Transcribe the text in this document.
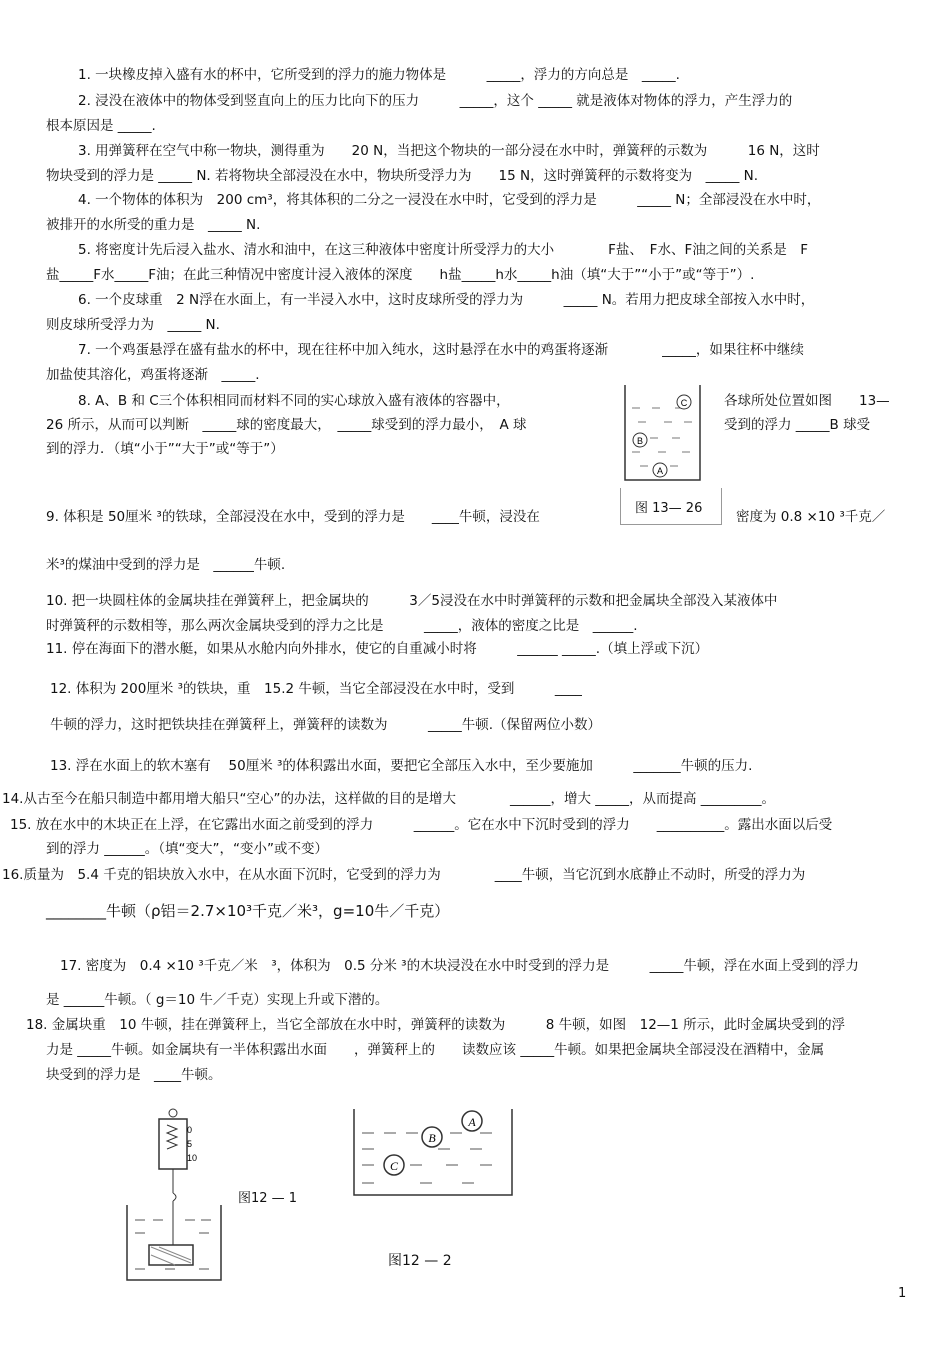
1. 一块橡皮掉入盛有水的杯中，它所受到的浮力的施力物体是　　　_____，浮力的方向总是　_____.
2. 浸没在液体中的物体受到竖直向上的压力比向下的压力　　　_____，这个 _____ 就是液体对物体的浮力，产生浮力的
根本原因是 _____.
3. 用弹簧秤在空气中称一物块，测得重为　　20 N，当把这个物块的一部分浸在水中时，弹簧秤的示数为　　　16 N，这时
物块受到的浮力是 _____ N. 若将物块全部浸没在水中，物块所受浮力为　　15 N，这时弹簧秤的示数将变为　_____ N.
4. 一个物体的体积为　200 cm³，将其体积的二分之一浸没在水中时，它受到的浮力是　　　_____ N；全部浸没在水中时，
被排开的水所受的重力是　_____ N.
5. 将密度计先后浸入盐水、清水和油中，在这三种液体中密度计所受浮力的大小　　　　F盐、　F水、F油之间的关系是　F
盐_____F水_____F油；在此三种情况中密度计浸入液体的深度　　h盐_____h水_____h油（填“大于”“小于”或“等于”）.
6. 一个皮球重　2 N浮在水面上，有一半浸入水中，这时皮球所受的浮力为　　　_____ N。若用力把皮球全部按入水中时，
则皮球所受浮力为　_____ N.
7. 一个鸡蛋悬浮在盛有盐水的杯中，现在往杯中加入纯水，这时悬浮在水中的鸡蛋将逐渐　　　　_____，如果往杯中继续
加盐使其溶化，鸡蛋将逐渐　_____.
8. A、B 和 C三个体积相同而材料不同的实心球放入盛有液体的容器中，	各球所处位置如图　　13—
26 所示，从而可以判断　_____球的密度最大，　_____球受到的浮力最小，　A 球	受到的浮力 _____B 球受
到的浮力．（填“小于”“大于”或“等于”）
9. 体积是 50厘米 ³的铁球，全部浸没在水中，受到的浮力是　　____牛顿，浸没在	密度为 0.8 ×10 ³千克／
米³的煤油中受到的浮力是　______牛顿.
10. 把一块圆柱体的金属块挂在弹簧秤上，把金属块的　　　3／5浸没在水中时弹簧秤的示数和把金属块全部没入某液体中
时弹簧秤的示数相等，那么两次金属块受到的浮力之比是　　　_____，液体的密度之比是　______.
11. 停在海面下的潜水艇，如果从水舱内向外排水，使它的自重减小时将　　　______ _____.（填上浮或下沉）
12. 体积为 200厘米 ³的铁块，重　15.2 牛顿，当它全部浸没在水中时，受到　　　____
牛顿的浮力，这时把铁块挂在弹簧秤上，弹簧秤的读数为　　　_____牛顿.（保留两位小数）
13. 浮在水面上的软木塞有　 50厘米 ³的体积露出水面，要把它全部压入水中，至少要施加　　　_______牛顿的压力.
14.从古至今在船只制造中都用增大船只“空心”的办法，这样做的目的是增大　　　　______，增大 _____，从而提高 _________。
15. 放在水中的木块正在上浮，在它露出水面之前受到的浮力　　　______。它在水中下沉时受到的浮力　　__________。露出水面以后受
到的浮力 ______。（填“变大”，“变小”或不变）
16.质量为　5.4 千克的铝块放入水中，在从水面下沉时，它受到的浮力为　　　　____牛顿，当它沉到水底静止不动时，所受的浮力为
________牛顿（ρ铝＝2.7×10³千克／米³，g=10牛／千克）
17. 密度为　0.4 ×10 ³千克／米　³，体积为　0.5 分米 ³的木块浸没在水中时受到的浮力是　　　_____牛顿，浮在水面上受到的浮力
是 ______牛顿。（ g＝10 牛／千克）实现上升或下潜的。
18. 金属块重　10 牛顿，挂在弹簧秤上，当它全部放在水中时，弹簧秤的读数为　　　8 牛顿，如图　12—1 所示，此时金属块受到的浮
力是 _____牛顿。如金属块有一半体积露出水面　　，弹簧秤上的　　读数应该 _____牛顿。如果把金属块全部浸没在酒精中，金属
块受到的浮力是　____牛顿。
C
B
A
图 13— 26
0
5
10
图12 — 1
A
B
C
图12 — 2
1
